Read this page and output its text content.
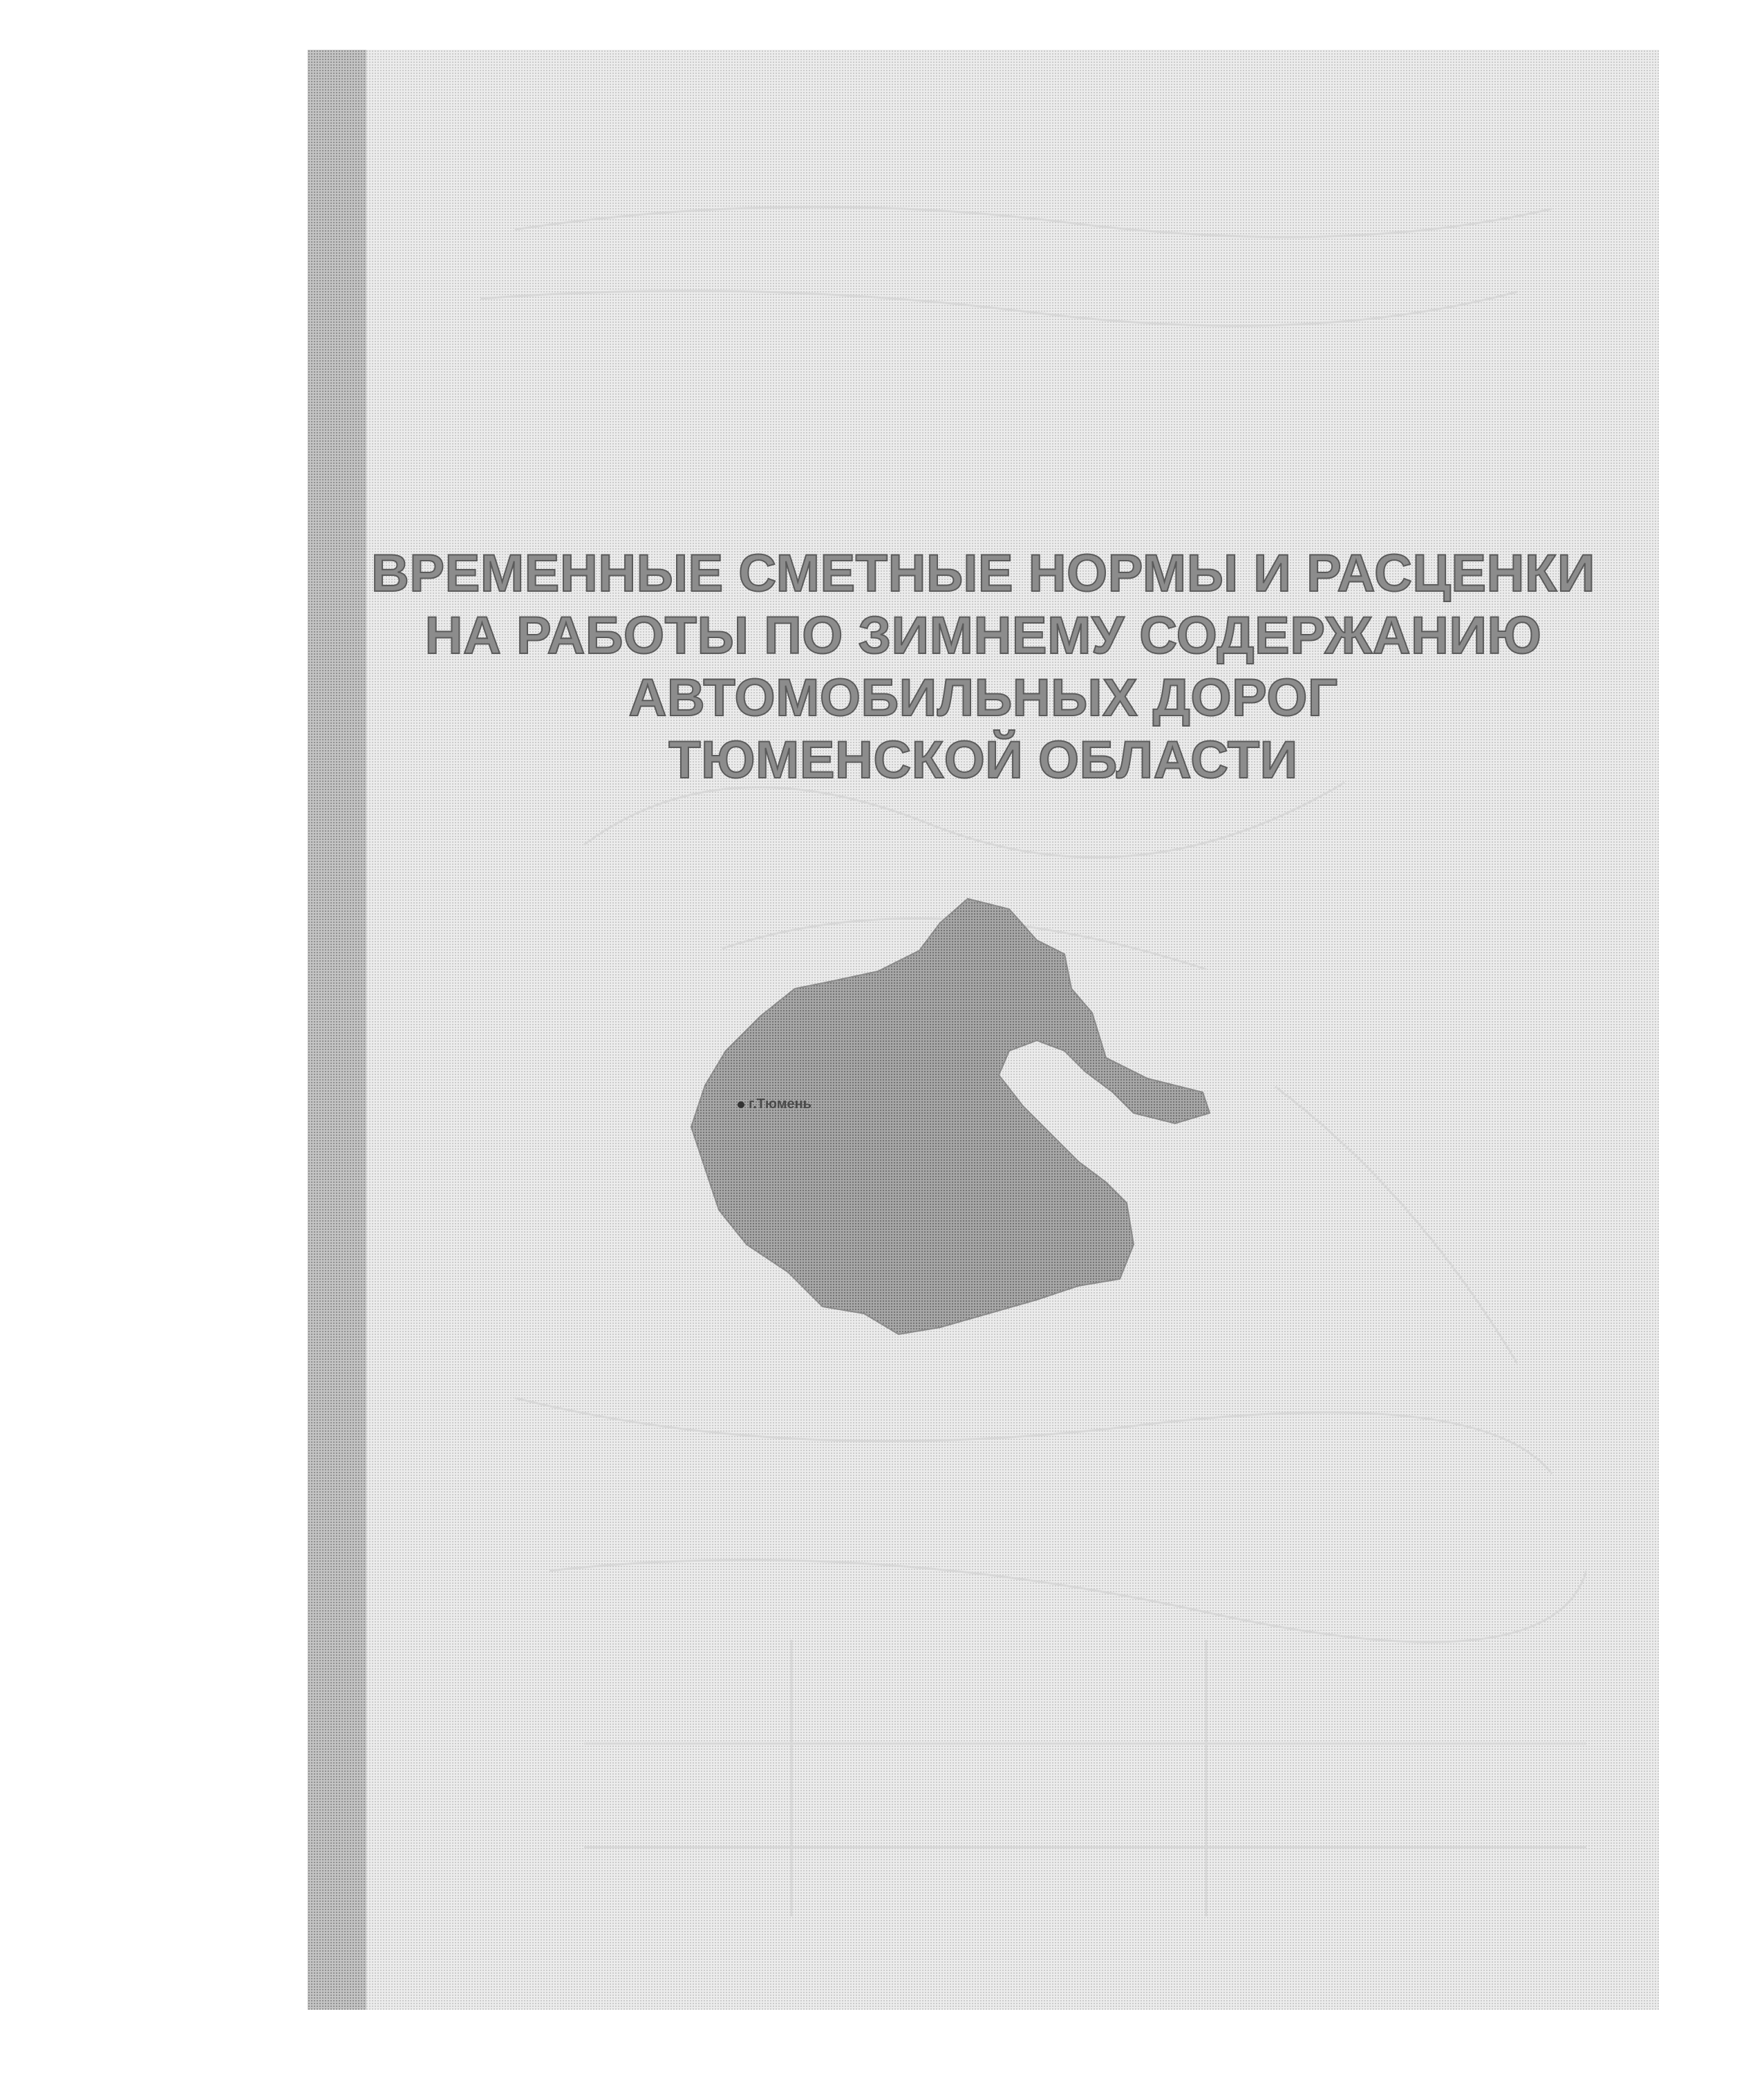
ВРЕМЕННЫЕ СМЕТНЫЕ НОРМЫ И РАСЦЕНКИ
НА РАБОТЫ ПО ЗИМНЕМУ СОДЕРЖАНИЮ
АВТОМОБИЛЬНЫХ ДОРОГ
ТЮМЕНСКОЙ ОБЛАСТИ
г.Тюмень
